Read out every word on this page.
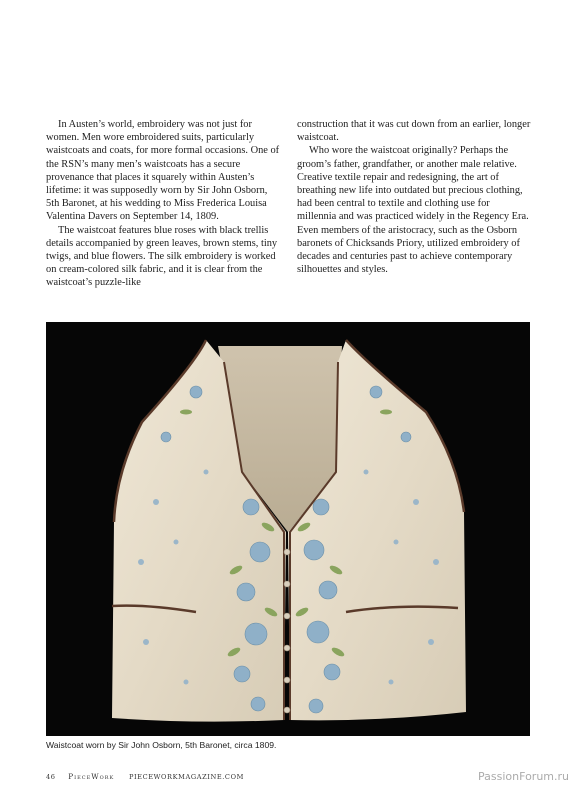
In Austen’s world, embroidery was not just for women. Men wore embroidered suits, particularly waistcoats and coats, for more formal occasions. One of the RSN’s many men’s waistcoats has a secure provenance that places it squarely within Austen’s lifetime: it was supposedly worn by Sir John Osborn, 5th Baronet, at his wedding to Miss Frederica Louisa Valentina Davers on September 14, 1809.

The waistcoat features blue roses with black trellis details accompanied by green leaves, brown stems, tiny twigs, and blue flowers. The silk embroidery is worked on cream-colored silk fabric, and it is clear from the waistcoat’s puzzle-like

construction that it was cut down from an earlier, longer waistcoat.

Who wore the waistcoat originally? Perhaps the groom’s father, grandfather, or another male relative. Creative textile repair and redesigning, the art of breathing new life into outdated but precious clothing, had been central to textile and clothing use for millennia and was practiced widely in the Regency Era. Even members of the aristocracy, such as the Osborn baronets of Chicksands Priory, utilized embroidery of decades and centuries past to achieve contemporary silhouettes and styles.

Waistcoat worn by Sir John Osborn, 5th Baronet, circa 1809.
46 PieceWork PIECEWORKMAGAZINE.COM	PassionForum.ru
